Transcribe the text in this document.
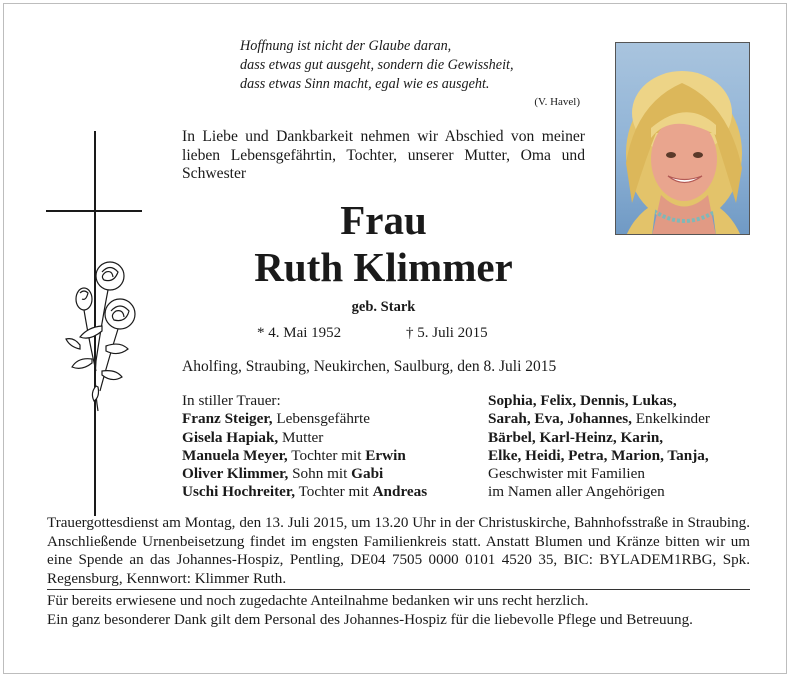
Hoffnung ist nicht der Glaube daran,
dass etwas gut ausgeht, sondern die Gewissheit,
dass etwas Sinn macht, egal wie es ausgeht.
(V. Havel)
In Liebe und Dankbarkeit nehmen wir Abschied von meiner lieben Lebensgefährtin, Tochter, unserer Mutter, Oma und Schwester
Frau
Ruth Klimmer
geb. Stark
* 4. Mai 1952	† 5. Juli 2015
Aholfing, Straubing, Neukirchen, Saulburg, den 8. Juli 2015
In stiller Trauer:
Franz Steiger, Lebensgefährte
Gisela Hapiak, Mutter
Manuela Meyer, Tochter mit Erwin
Oliver Klimmer, Sohn mit Gabi
Uschi Hochreiter, Tochter mit Andreas
Sophia, Felix, Dennis, Lukas,
Sarah, Eva, Johannes, Enkelkinder
Bärbel, Karl-Heinz, Karin,
Elke, Heidi, Petra, Marion, Tanja,
Geschwister mit Familien
im Namen aller Angehörigen
Trauergottesdienst am Montag, den 13. Juli 2015, um 13.20 Uhr in der Christuskirche, Bahnhofsstraße in Straubing. Anschließende Urnenbeisetzung findet im engsten Familienkreis statt. Anstatt Blumen und Kränze bitten wir um eine Spende an das Johannes-Hospiz, Pentling, DE04 7505 0000 0101 4520 35, BIC: BYLADEM1RBG, Spk. Regensburg, Kennwort: Klimmer Ruth.
Für bereits erwiesene und noch zugedachte Anteilnahme bedanken wir uns recht herzlich.
Ein ganz besonderer Dank gilt dem Personal des Johannes-Hospiz für die liebevolle Pflege und Betreuung.
